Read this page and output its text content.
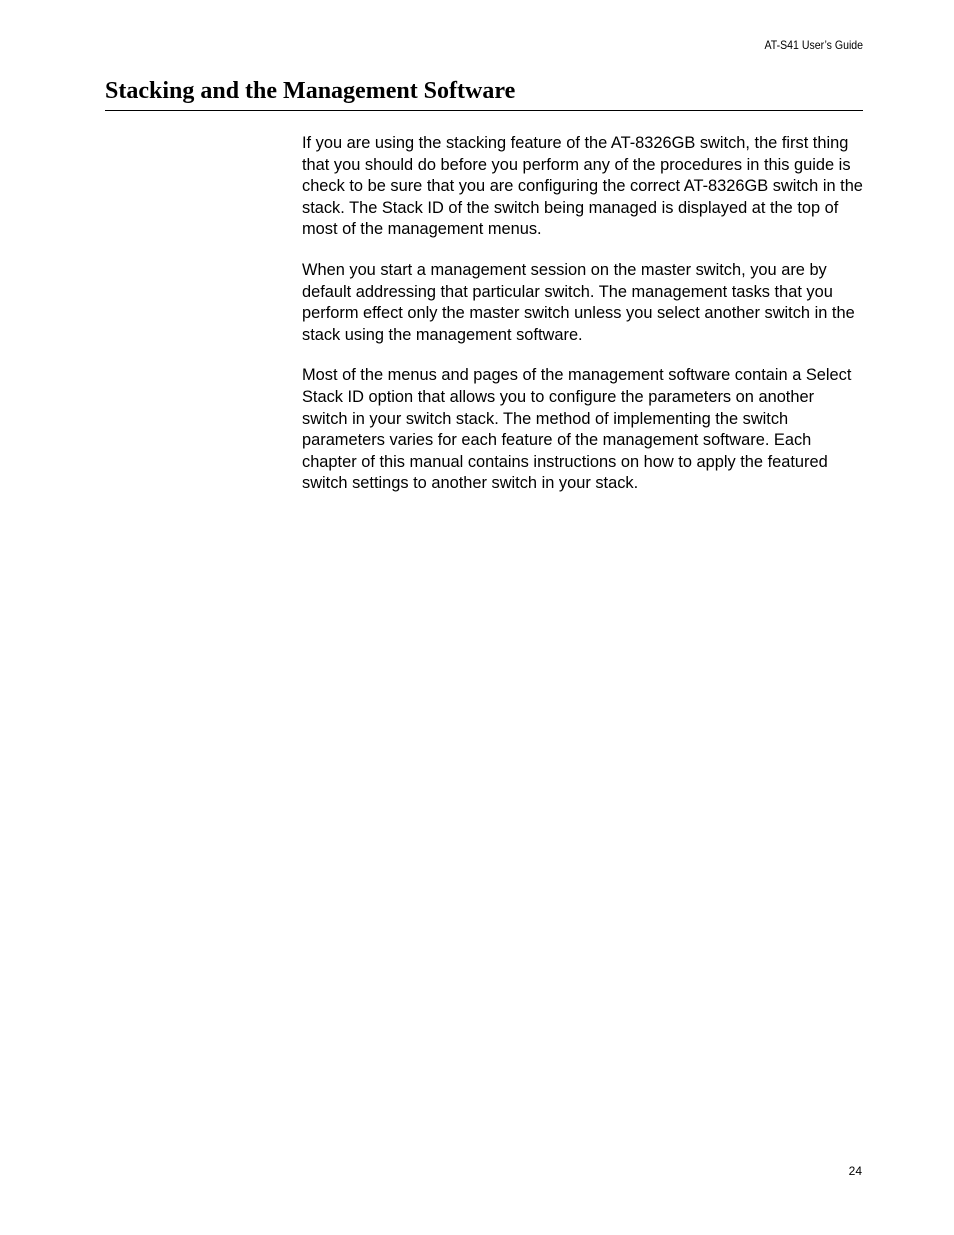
AT-S41 User’s Guide
Stacking and the Management Software

If you are using the stacking feature of the AT-8326GB switch, the first thing that you should do before you perform any of the procedures in this guide is check to be sure that you are configuring the correct AT-8326GB switch in the stack. The Stack ID of the switch being managed is displayed at the top of most of the management menus.

When you start a management session on the master switch, you are by default addressing that particular switch. The management tasks that you perform effect only the master switch unless you select another switch in the stack using the management software.

Most of the menus and pages of the management software contain a Select Stack ID option that allows you to configure the parameters on another switch in your switch stack. The method of implementing the switch parameters varies for each feature of the management software. Each chapter of this manual contains instructions on how to apply the featured switch settings to another switch in your stack.

24
